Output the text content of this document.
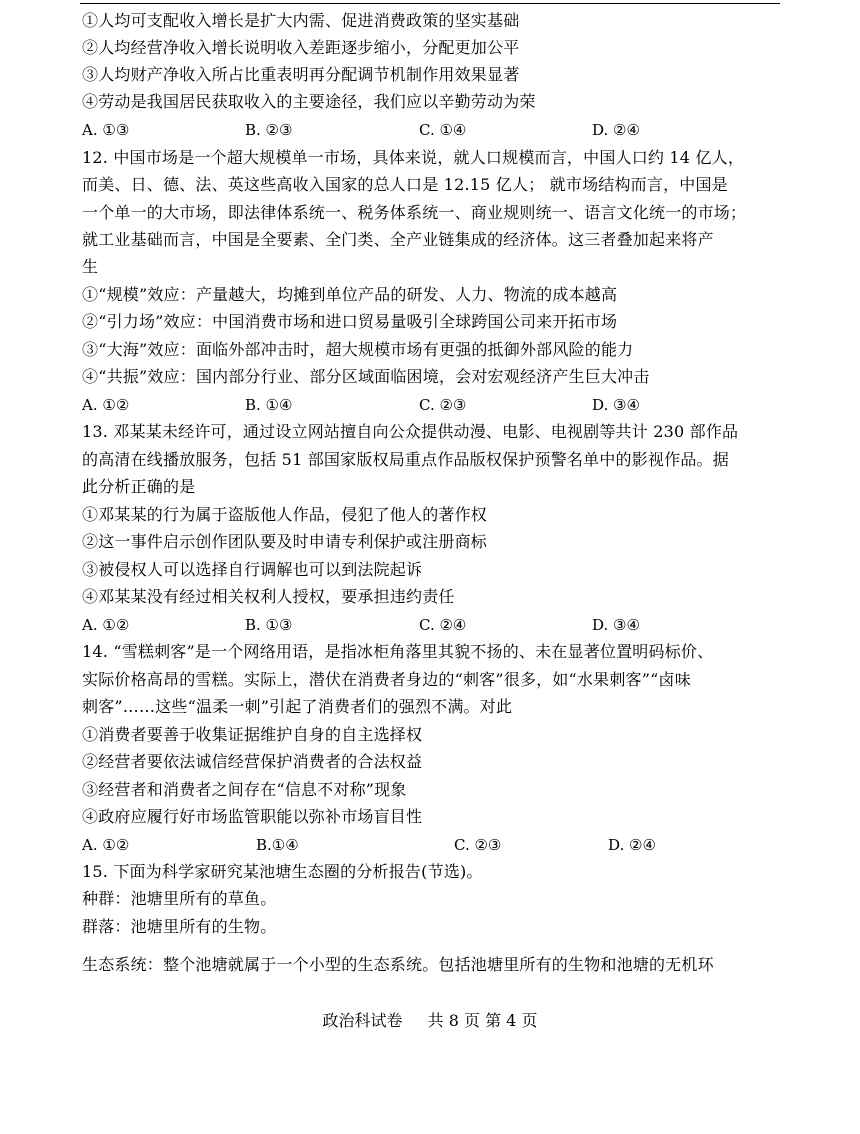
①人均可支配收入增长是扩大内需、促进消费政策的坚实基础
②人均经营净收入增长说明收入差距逐步缩小，分配更加公平
③人均财产净收入所占比重表明再分配调节机制作用效果显著
④劳动是我国居民获取收入的主要途径，我们应以辛勤劳动为荣
A. ①③	B. ②③	C. ①④	D. ②④
12. 中国市场是一个超大规模单一市场，具体来说，就人口规模而言，中国人口约 14 亿人，
而美、日、德、法、英这些高收入国家的总人口是 12.15 亿人； 就市场结构而言，中国是
一个单一的大市场，即法律体系统一、税务体系统一、商业规则统一、语言文化统一的市场；
就工业基础而言，中国是全要素、全门类、全产业链集成的经济体。这三者叠加起来将产
生
①“规模”效应：产量越大，均摊到单位产品的研发、人力、物流的成本越高
②“引力场”效应：中国消费市场和进口贸易量吸引全球跨国公司来开拓市场
③“大海”效应：面临外部冲击时，超大规模市场有更强的抵御外部风险的能力
④“共振”效应：国内部分行业、部分区域面临困境，会对宏观经济产生巨大冲击
A. ①②	B. ①④	C. ②③	D. ③④
13. 邓某某未经许可，通过设立网站擅自向公众提供动漫、电影、电视剧等共计 230 部作品
的高清在线播放服务，包括 51 部国家版权局重点作品版权保护预警名单中的影视作品。据
此分析正确的是
①邓某某的行为属于盗版他人作品，侵犯了他人的著作权
②这一事件启示创作团队要及时申请专利保护或注册商标
③被侵权人可以选择自行调解也可以到法院起诉
④邓某某没有经过相关权利人授权，要承担违约责任
A. ①②	B. ①③	C. ②④	D. ③④
14. “雪糕刺客”是一个网络用语，是指冰柜角落里其貌不扬的、未在显著位置明码标价、
实际价格高昂的雪糕。实际上，潜伏在消费者身边的“刺客”很多，如“水果刺客”“卤味
刺客”……这些“温柔一刺”引起了消费者们的强烈不满。对此
①消费者要善于收集证据维护自身的自主选择权
②经营者要依法诚信经营保护消费者的合法权益
③经营者和消费者之间存在“信息不对称”现象
④政府应履行好市场监管职能以弥补市场盲目性
A. ①②	B.①④	C. ②③	D. ②④
15. 下面为科学家研究某池塘生态圈的分析报告(节选)。
种群：池塘里所有的草鱼。
群落：池塘里所有的生物。
生态系统：整个池塘就属于一个小型的生态系统。包括池塘里所有的生物和池塘的无机环
政治科试卷 共 8 页 第 4 页
